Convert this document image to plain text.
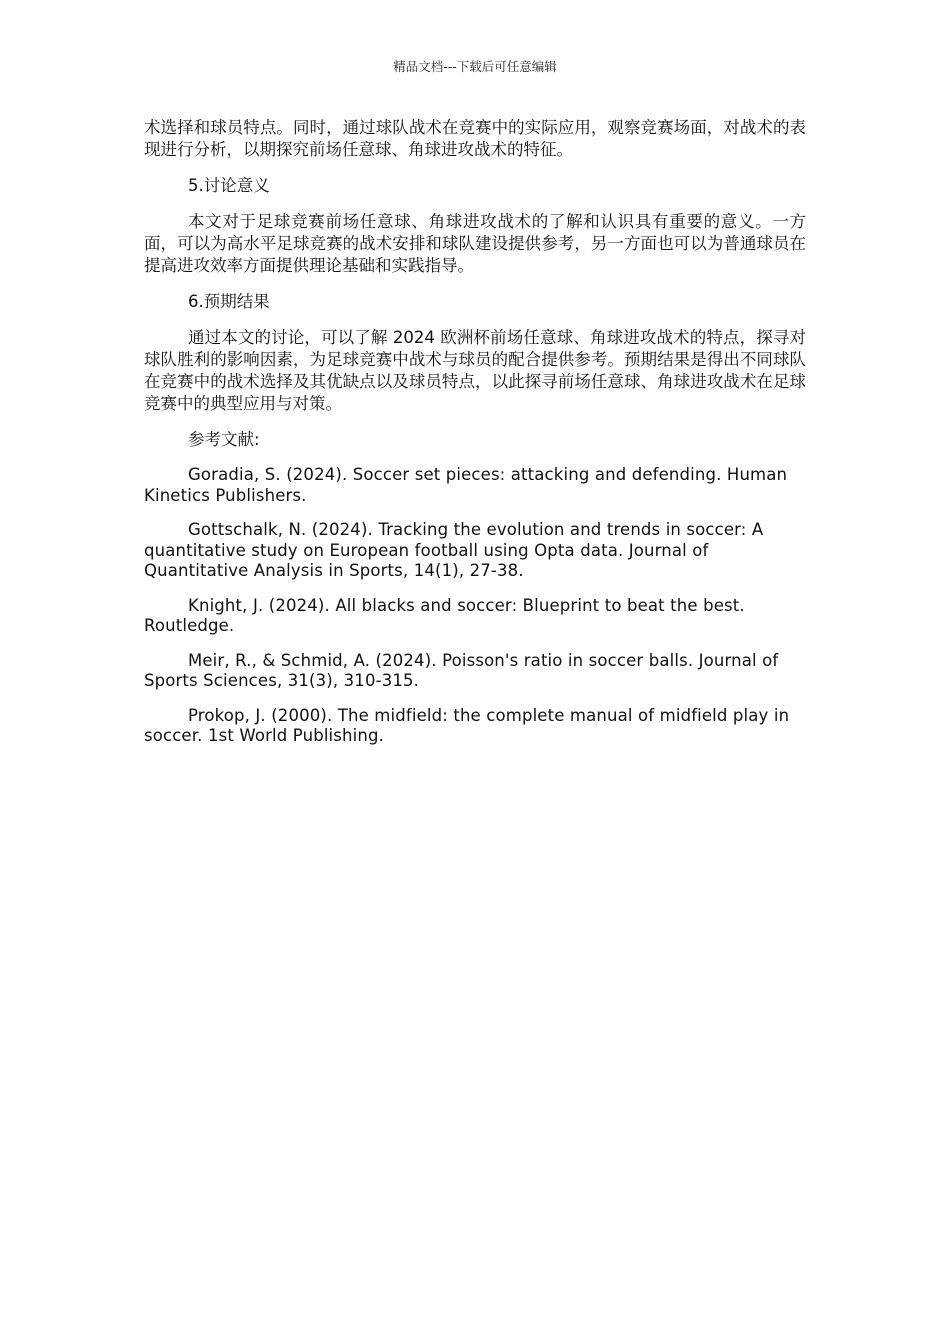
精品文档---下载后可任意编辑

术选择和球员特点。同时，通过球队战术在竞赛中的实际应用，观察竞赛场面，对战术的表现进行分析，以期探究前场任意球、角球进攻战术的特征。

5.讨论意义

本文对于足球竞赛前场任意球、角球进攻战术的了解和认识具有重要的意义。一方面，可以为高水平足球竞赛的战术安排和球队建设提供参考，另一方面也可以为普通球员在提高进攻效率方面提供理论基础和实践指导。

6.预期结果

通过本文的讨论，可以了解 2024 欧洲杯前场任意球、角球进攻战术的特点，探寻对球队胜利的影响因素，为足球竞赛中战术与球员的配合提供参考。预期结果是得出不同球队在竞赛中的战术选择及其优缺点以及球员特点，以此探寻前场任意球、角球进攻战术在足球竞赛中的典型应用与对策。

参考文献:

Goradia, S. (2024). Soccer set pieces: attacking and defending. Human Kinetics Publishers.

Gottschalk, N. (2024). Tracking the evolution and trends in soccer: A quantitative study on European football using Opta data. Journal of Quantitative Analysis in Sports, 14(1), 27-38.

Knight, J. (2024). All blacks and soccer: Blueprint to beat the best. Routledge.

Meir, R., & Schmid, A. (2024). Poisson's ratio in soccer balls. Journal of Sports Sciences, 31(3), 310-315.

Prokop, J. (2000). The midfield: the complete manual of midfield play in soccer. 1st World Publishing.
